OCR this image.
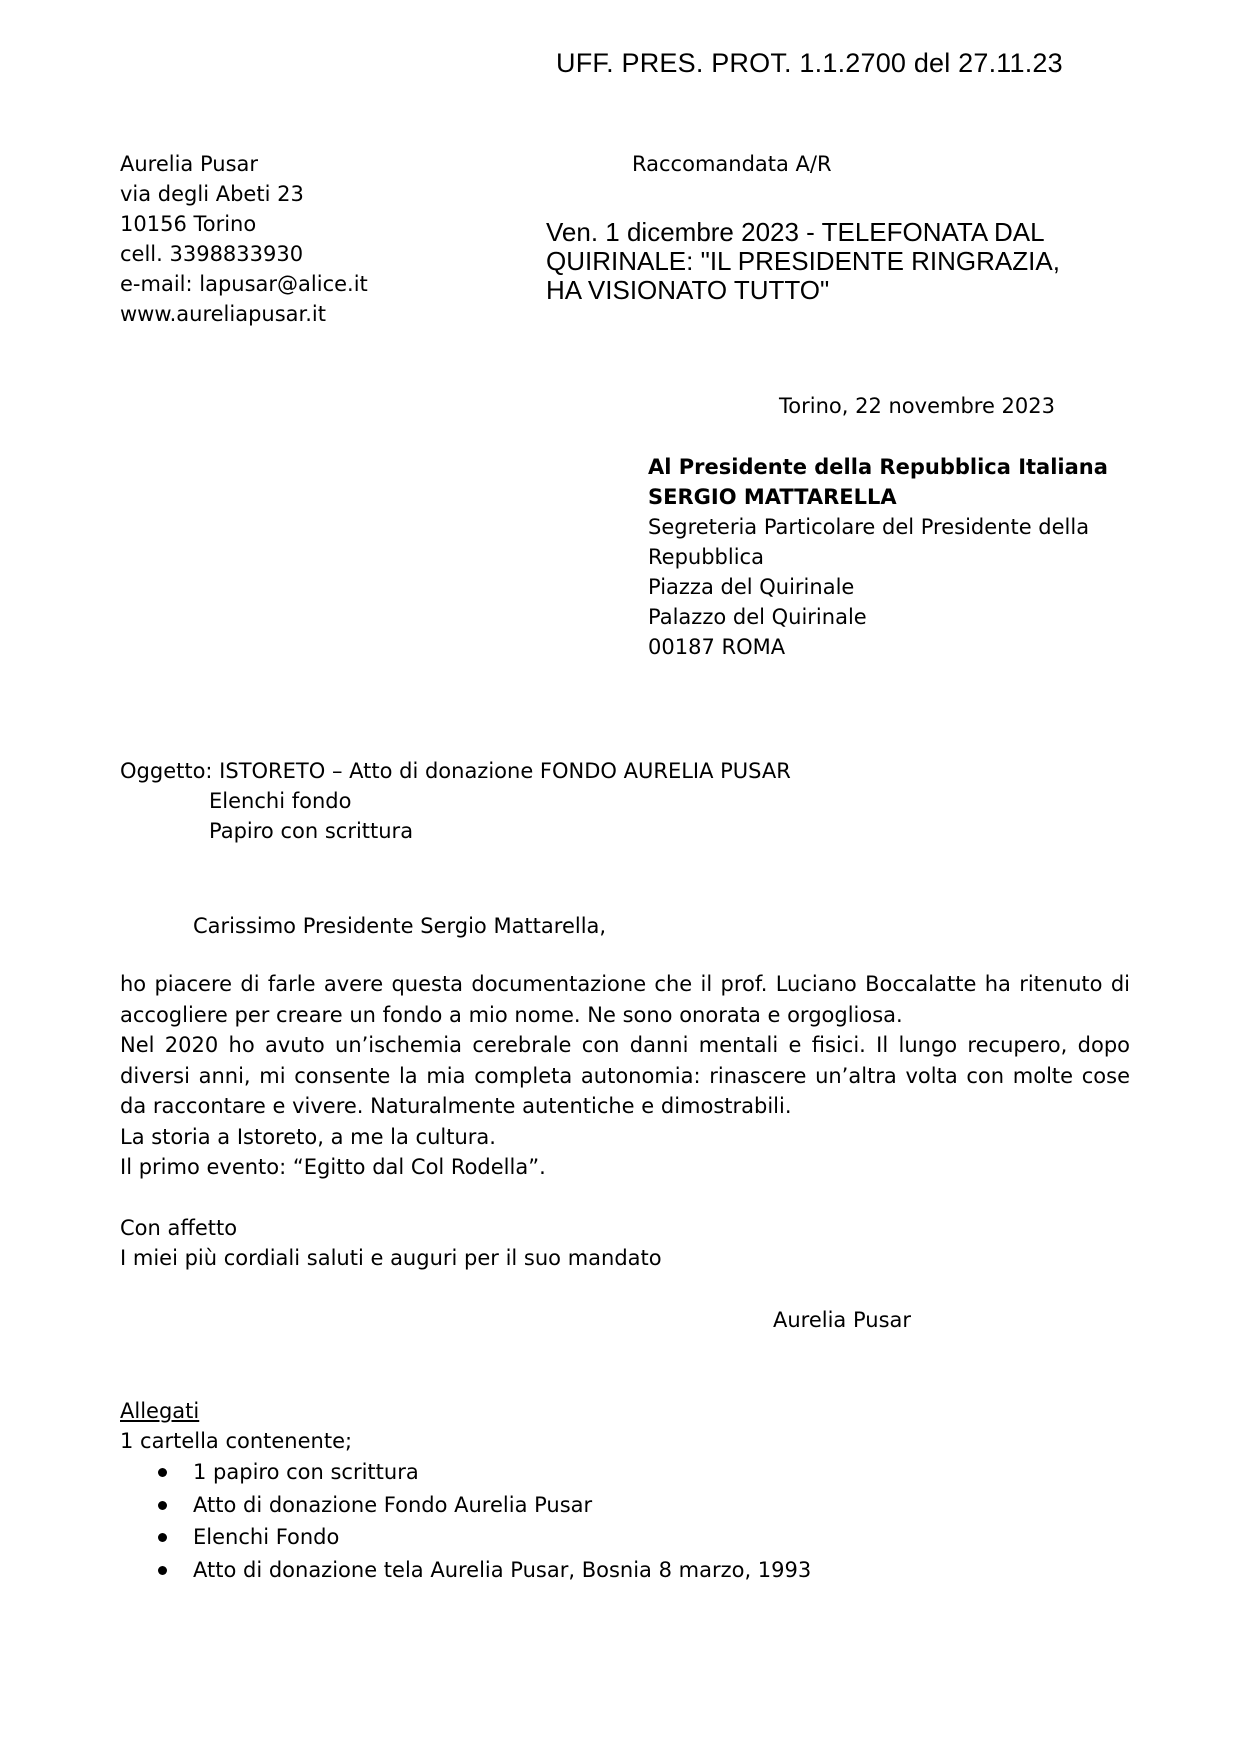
UFF. PRES. PROT. 1.1.2700 del 27.11.23
Aurelia Pusar
via degli Abeti 23
10156 Torino
cell. 3398833930
e-mail: lapusar@alice.it
www.aureliapusar.it
Raccomandata A/R
Ven. 1 dicembre 2023 - TELEFONATA DAL
QUIRINALE: "IL PRESIDENTE RINGRAZIA,
HA VISIONATO TUTTO"
Torino, 22 novembre 2023
Al Presidente della Repubblica Italiana
SERGIO MATTARELLA
Segreteria Particolare del Presidente della
Repubblica
Piazza del Quirinale
Palazzo del Quirinale
00187 ROMA
Oggetto: ISTORETO – Atto di donazione FONDO AURELIA PUSAR
Elenchi fondo
Papiro con scrittura
Carissimo Presidente Sergio Mattarella,

ho piacere di farle avere questa documentazione che il prof. Luciano Boccalatte ha ritenuto di accogliere per creare un fondo a mio nome. Ne sono onorata e orgogliosa.

Nel 2020 ho avuto un’ischemia cerebrale con danni mentali e fisici. Il lungo recupero, dopo diversi anni, mi consente la mia completa autonomia: rinascere un’altra volta con molte cose da raccontare e vivere. Naturalmente autentiche e dimostrabili.

La storia a Istoreto, a me la cultura.

Il primo evento: “Egitto dal Col Rodella”.

Con affetto
I miei più cordiali saluti e auguri per il suo mandato
Aurelia Pusar
Allegati
1 cartella contenente;
1 papiro con scrittura
Atto di donazione Fondo Aurelia Pusar
Elenchi Fondo
Atto di donazione tela Aurelia Pusar, Bosnia 8 marzo, 1993
